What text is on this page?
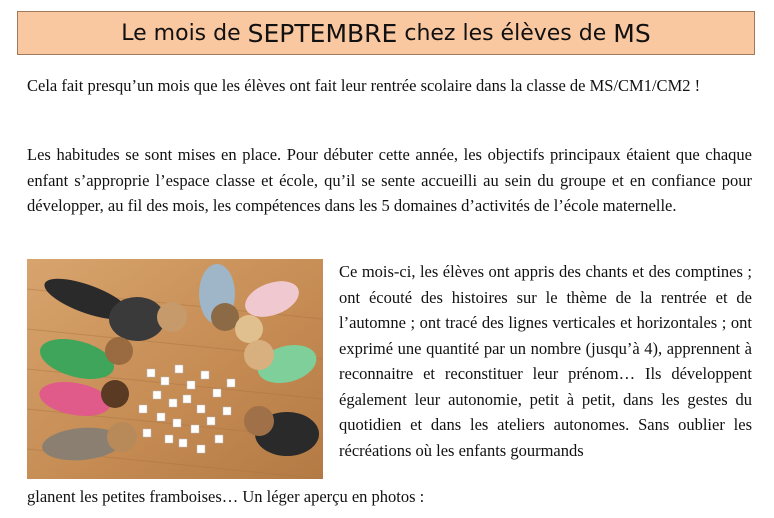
Le mois de
SEPTEMBRE
chez les élèves de
MS

Cela fait presqu’un mois que les élèves ont fait leur rentrée scolaire dans la classe de MS/CM1/CM2 !

Les habitudes se sont mises en place. Pour débuter cette année, les objectifs principaux étaient que chaque enfant s’approprie l’espace classe et école, qu’il se sente accueilli au sein du groupe et en confiance pour développer, au fil des mois, les compétences dans les 5 domaines d’activités de l’école maternelle.

Ce mois-ci, les élèves ont appris des chants et des comptines ; ont écouté des histoires sur le thème de la rentrée et de l’automne ; ont tracé des lignes verticales et horizontales ; ont exprimé une quantité par un nombre (jusqu’à 4), apprennent à reconnaitre et reconstituer leur prénom… Ils développent également leur autonomie, petit à petit, dans les gestes du quotidien et dans les ateliers autonomes. Sans oublier les récréations où les enfants gourmands

glanent les petites framboises… Un léger aperçu en photos :
